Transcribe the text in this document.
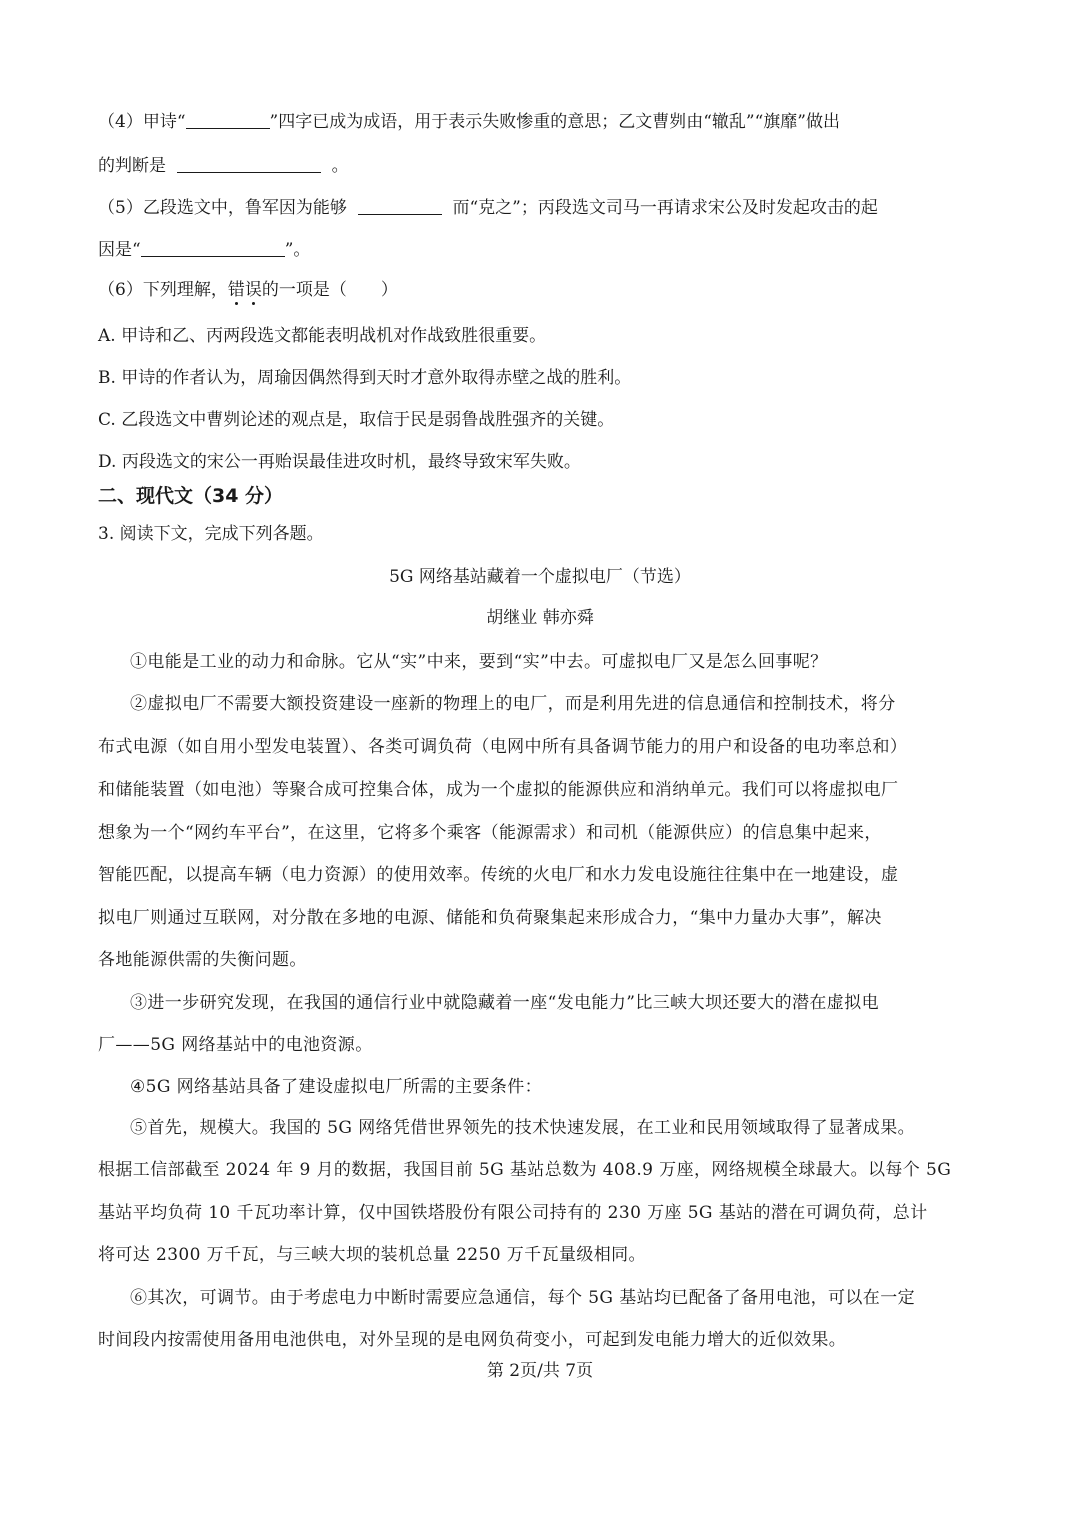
（4）甲诗“	”四字已成为成语，用于表示失败惨重的意思；乙文曹刿由“辙乱”“旗靡”做出
的判断是	。
（5）乙段选文中，鲁军因为能够	而“克之”；丙段选文司马一再请求宋公及时发起攻击的起
因是“	”。
（6）下列理解，错误的一项是（　　）
A. 甲诗和乙、丙两段选文都能表明战机对作战致胜很重要。
B. 甲诗的作者认为，周瑜因偶然得到天时才意外取得赤壁之战的胜利。
C. 乙段选文中曹刿论述的观点是，取信于民是弱鲁战胜强齐的关键。
D. 丙段选文的宋公一再贻误最佳进攻时机，最终导致宋军失败。
二、现代文（34 分）
3. 阅读下文，完成下列各题。
5G 网络基站藏着一个虚拟电厂（节选）
胡继业 韩亦舜
①电能是工业的动力和命脉。它从“实”中来，要到“实”中去。可虚拟电厂又是怎么回事呢？
②虚拟电厂不需要大额投资建设一座新的物理上的电厂，而是利用先进的信息通信和控制技术，将分
布式电源（如自用小型发电装置）、各类可调负荷（电网中所有具备调节能力的用户和设备的电功率总和）
和储能装置（如电池）等聚合成可控集合体，成为一个虚拟的能源供应和消纳单元。我们可以将虚拟电厂
想象为一个“网约车平台”，在这里，它将多个乘客（能源需求）和司机（能源供应）的信息集中起来，
智能匹配，以提高车辆（电力资源）的使用效率。传统的火电厂和水力发电设施往往集中在一地建设，虚
拟电厂则通过互联网，对分散在多地的电源、储能和负荷聚集起来形成合力，“集中力量办大事”，解决
各地能源供需的失衡问题。
③进一步研究发现，在我国的通信行业中就隐藏着一座“发电能力”比三峡大坝还要大的潜在虚拟电
厂——5G 网络基站中的电池资源。
④5G 网络基站具备了建设虚拟电厂所需的主要条件：
⑤首先，规模大。我国的 5G 网络凭借世界领先的技术快速发展，在工业和民用领域取得了显著成果。
根据工信部截至 2024 年 9 月的数据，我国目前 5G 基站总数为 408.9 万座，网络规模全球最大。以每个 5G
基站平均负荷 10 千瓦功率计算，仅中国铁塔股份有限公司持有的 230 万座 5G 基站的潜在可调负荷，总计
将可达 2300 万千瓦，与三峡大坝的装机总量 2250 万千瓦量级相同。
⑥其次，可调节。由于考虑电力中断时需要应急通信，每个 5G 基站均已配备了备用电池，可以在一定
时间段内按需使用备用电池供电，对外呈现的是电网负荷变小，可起到发电能力增大的近似效果。
第 2页/共 7页
